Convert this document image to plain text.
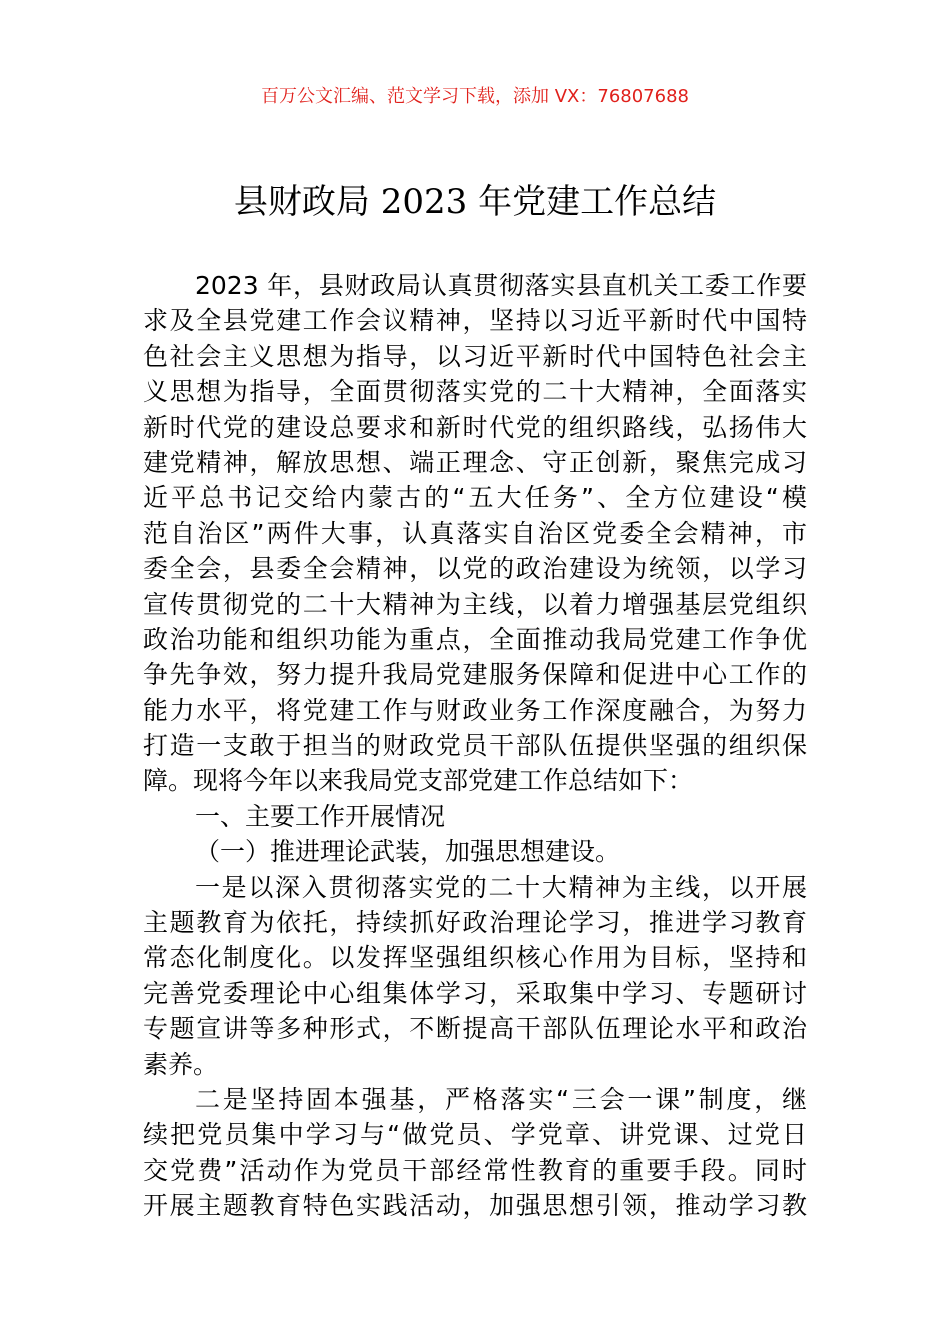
百万公文汇编、范文学习下载，添加 VX：76807688
县财政局 2023 年党建工作总结
2023 年，县财政局认真贯彻落实县直机关工委工作要
求及全县党建工作会议精神，坚持以习近平新时代中国特
色社会主义思想为指导，以习近平新时代中国特色社会主
义思想为指导，全面贯彻落实党的二十大精神，全面落实
新时代党的建设总要求和新时代党的组织路线，弘扬伟大
建党精神，解放思想、端正理念、守正创新，聚焦完成习
近平总书记交给内蒙古的“五大任务”、全方位建设“模
范自治区”两件大事，认真落实自治区党委全会精神，市
委全会，县委全会精神，以党的政治建设为统领，以学习
宣传贯彻党的二十大精神为主线，以着力增强基层党组织
政治功能和组织功能为重点，全面推动我局党建工作争优
争先争效，努力提升我局党建服务保障和促进中心工作的
能力水平，将党建工作与财政业务工作深度融合，为努力
打造一支敢于担当的财政党员干部队伍提供坚强的组织保
障。现将今年以来我局党支部党建工作总结如下：
一、主要工作开展情况
（一）推进理论武装，加强思想建设。
一是以深入贯彻落实党的二十大精神为主线，以开展
主题教育为依托，持续抓好政治理论学习，推进学习教育
常态化制度化。以发挥坚强组织核心作用为目标，坚持和
完善党委理论中心组集体学习，采取集中学习、专题研讨
专题宣讲等多种形式，不断提高干部队伍理论水平和政治
素养。
二是坚持固本强基，严格落实“三会一课”制度，继
续把党员集中学习与“做党员、学党章、讲党课、过党日
交党费”活动作为党员干部经常性教育的重要手段。同时
开展主题教育特色实践活动，加强思想引领，推动学习教
